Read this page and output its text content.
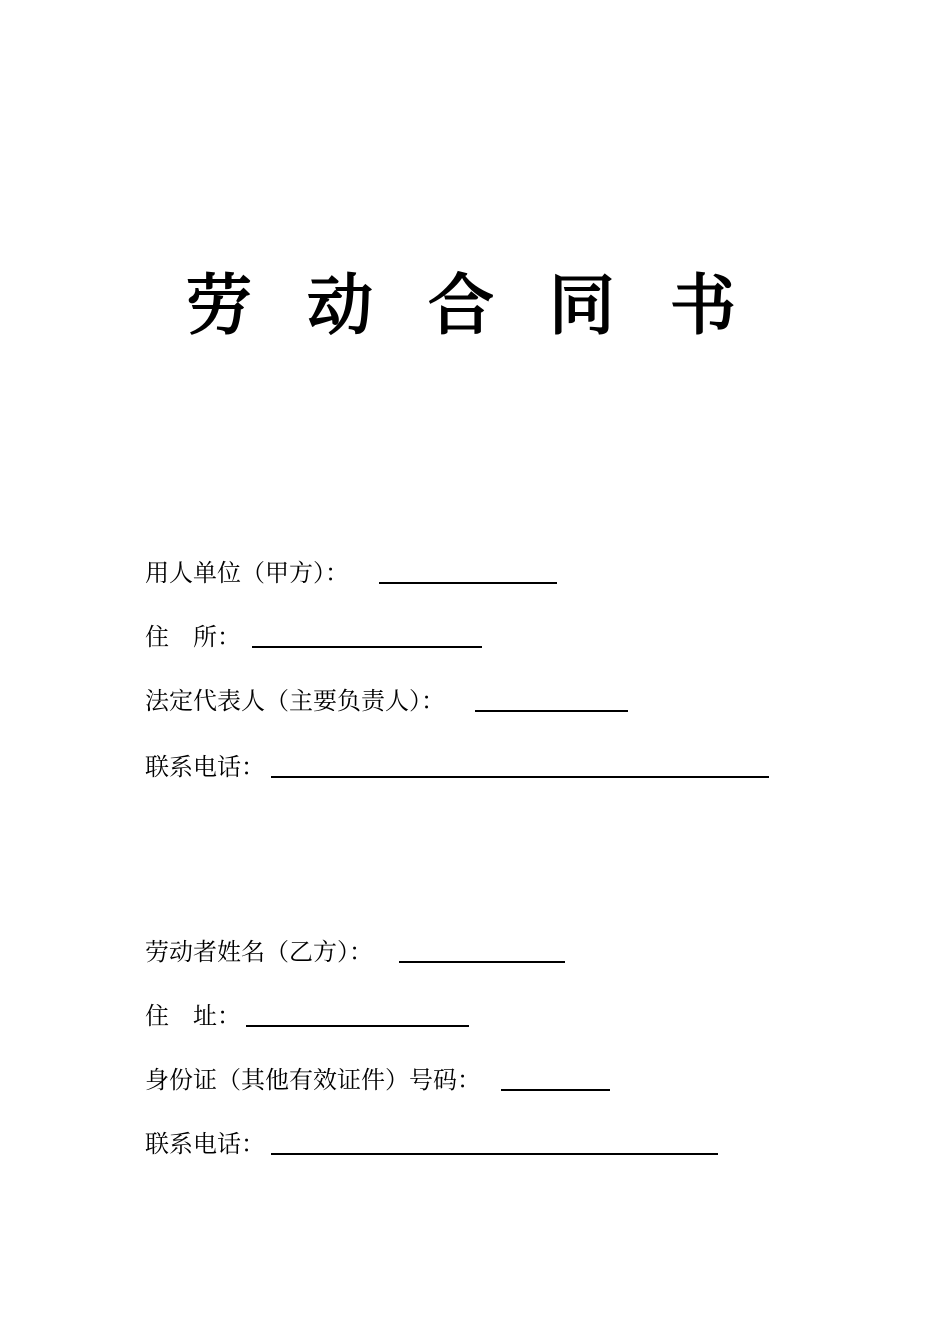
劳 动 合 同 书
用人单位（甲方）：
住　所：
法定代表人（主要负责人）：
联系电话：
劳动者姓名（乙方）：
住　址：
身份证（其他有效证件）号码：
联系电话：
